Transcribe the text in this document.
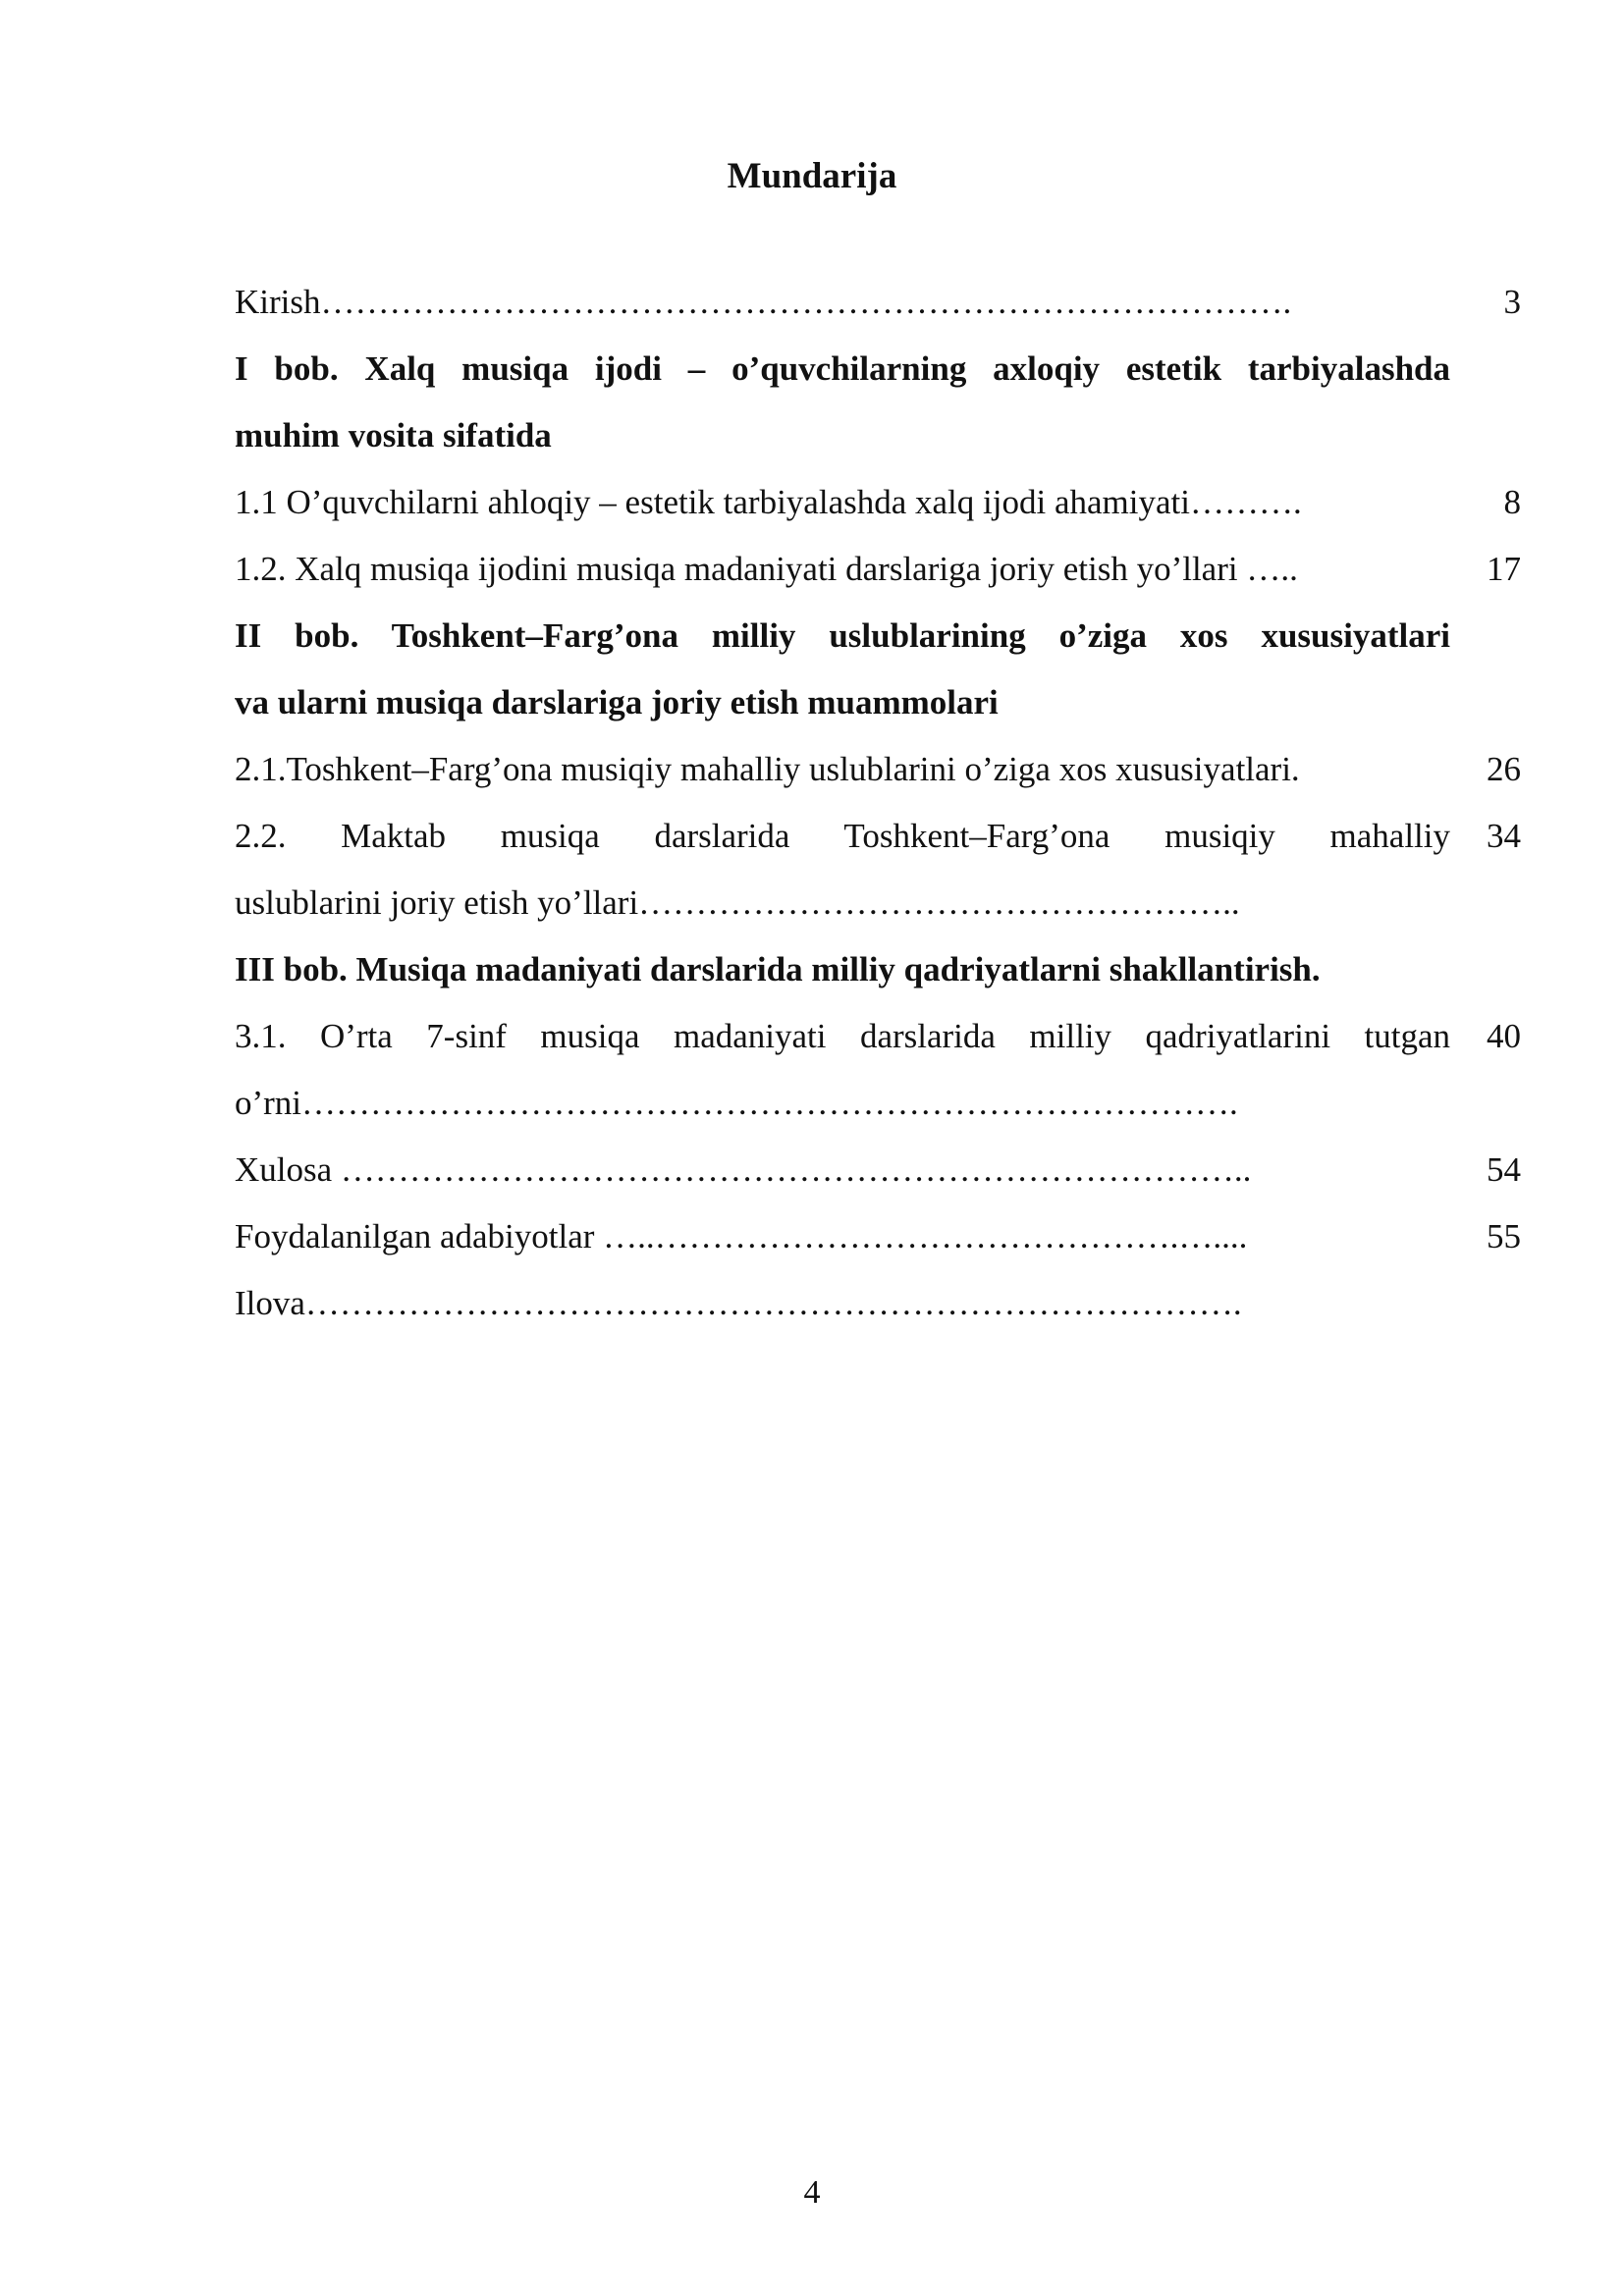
Mundarija
Kirish………………………………………………………………………….	3
I bob. Xalq musiqa ijodi – o’quvchilarning axloqiy estetik tarbiyalashda
muhim vosita sifatida
1.1 O’quvchilarni ahloqiy – estetik tarbiyalashda xalq ijodi ahamiyati……….	8
1.2. Xalq musiqa ijodini musiqa madaniyati darslariga joriy etish yo’llari …..	17
II bob. Toshkent–Farg’ona milliy uslublarining o’ziga xos xususiyatlari
va ularni musiqa darslariga joriy etish muammolari
2.1.Toshkent–Farg’ona musiqiy mahalliy uslublarini o’ziga xos xususiyatlari.	26
2.2. Maktab musiqa darslarida Toshkent–Farg’ona musiqiy mahalliy	34
uslublarini joriy etish yo’llari……………………………………………..
III bob. Musiqa madaniyati darslarida milliy qadriyatlarni shakllantirish.
3.1. O’rta 7-sinf musiqa madaniyati darslarida milliy qadriyatlarini tutgan	40
o’rni……………………………………………………………………….
Xulosa ……………………………………………………………………..	54
Foydalanilgan adabiyotlar …..……………………………………….…....	55
Ilova……………………………………………………………………….
4
